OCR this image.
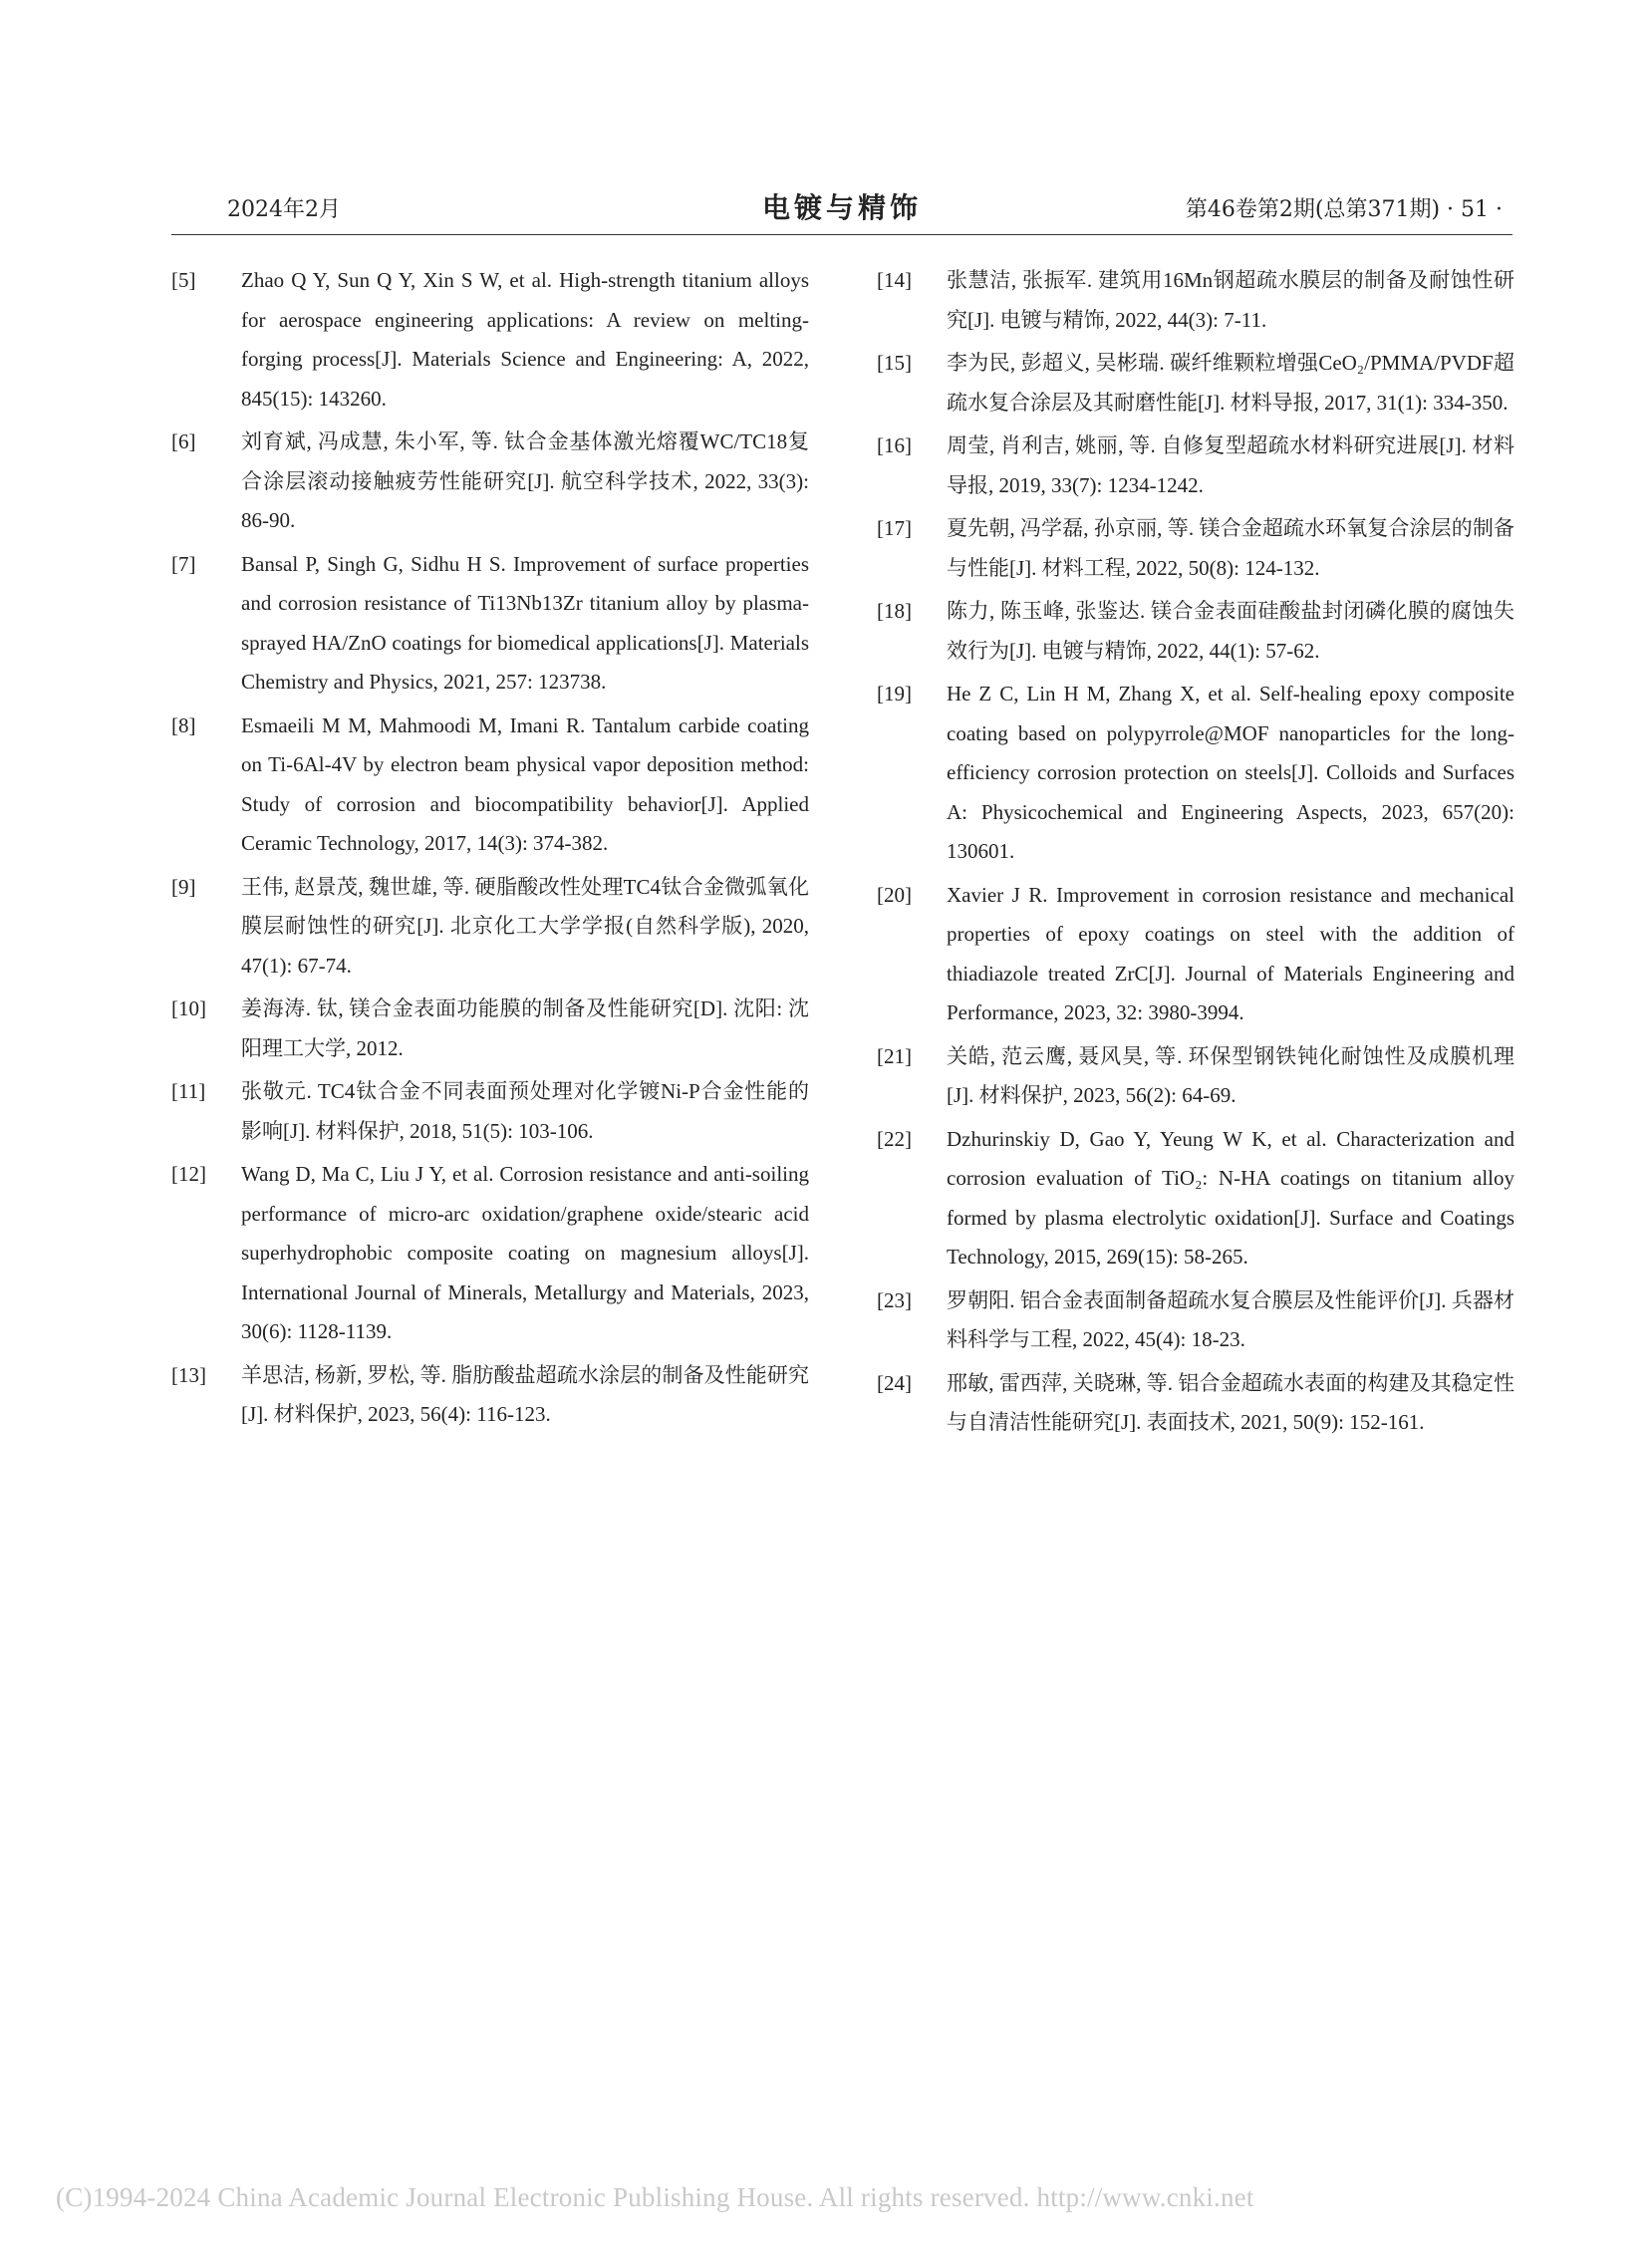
2024年2月	电镀与精饰	第46卷第2期(总第371期) · 51 ·
[5]	Zhao Q Y, Sun Q Y, Xin S W, et al. High-strength titanium alloys for aerospace engineering applications: A review on melting-forging process[J]. Materials Science and Engineering: A, 2022, 845(15): 143260.
[6]	刘育斌, 冯成慧, 朱小军, 等. 钛合金基体激光熔覆WC/TC18复合涂层滚动接触疲劳性能研究[J]. 航空科学技术, 2022, 33(3): 86-90.
[7]	Bansal P, Singh G, Sidhu H S. Improvement of surface properties and corrosion resistance of Ti13Nb13Zr titanium alloy by plasma-sprayed HA/ZnO coatings for biomedical applications[J]. Materials Chemistry and Physics, 2021, 257: 123738.
[8]	Esmaeili M M, Mahmoodi M, Imani R. Tantalum carbide coating on Ti-6Al-4V by electron beam physical vapor deposition method: Study of corrosion and biocompatibility behavior[J]. Applied Ceramic Technology, 2017, 14(3): 374-382.
[9]	王伟, 赵景茂, 魏世雄, 等. 硬脂酸改性处理TC4钛合金微弧氧化膜层耐蚀性的研究[J]. 北京化工大学学报(自然科学版), 2020, 47(1): 67-74.
[10]	姜海涛. 钛, 镁合金表面功能膜的制备及性能研究[D]. 沈阳: 沈阳理工大学, 2012.
[11]	张敬元. TC4钛合金不同表面预处理对化学镀Ni-P合金性能的影响[J]. 材料保护, 2018, 51(5): 103-106.
[12]	Wang D, Ma C, Liu J Y, et al. Corrosion resistance and anti-soiling performance of micro-arc oxidation/graphene oxide/stearic acid superhydrophobic composite coating on magnesium alloys[J]. International Journal of Minerals, Metallurgy and Materials, 2023, 30(6): 1128-1139.
[13]	羊思洁, 杨新, 罗松, 等. 脂肪酸盐超疏水涂层的制备及性能研究[J]. 材料保护, 2023, 56(4): 116-123.
[14]	张慧洁, 张振军. 建筑用16Mn钢超疏水膜层的制备及耐蚀性研究[J]. 电镀与精饰, 2022, 44(3): 7-11.
[15]	李为民, 彭超义, 吴彬瑞. 碳纤维颗粒增强CeO₂/PMMA/PVDF超疏水复合涂层及其耐磨性能[J]. 材料导报, 2017, 31(1): 334-350.
[16]	周莹, 肖利吉, 姚丽, 等. 自修复型超疏水材料研究进展[J]. 材料导报, 2019, 33(7): 1234-1242.
[17]	夏先朝, 冯学磊, 孙京丽, 等. 镁合金超疏水环氧复合涂层的制备与性能[J]. 材料工程, 2022, 50(8): 124-132.
[18]	陈力, 陈玉峰, 张鉴达. 镁合金表面硅酸盐封闭磷化膜的腐蚀失效行为[J]. 电镀与精饰, 2022, 44(1): 57-62.
[19]	He Z C, Lin H M, Zhang X, et al. Self-healing epoxy composite coating based on polypyrrole@MOF nanoparticles for the long-efficiency corrosion protection on steels[J]. Colloids and Surfaces A: Physicochemical and Engineering Aspects, 2023, 657(20): 130601.
[20]	Xavier J R. Improvement in corrosion resistance and mechanical properties of epoxy coatings on steel with the addition of thiadiazole treated ZrC[J]. Journal of Materials Engineering and Performance, 2023, 32: 3980-3994.
[21]	关皓, 范云鹰, 聂风昊, 等. 环保型钢铁钝化耐蚀性及成膜机理[J]. 材料保护, 2023, 56(2): 64-69.
[22]	Dzhurinskiy D, Gao Y, Yeung W K, et al. Characterization and corrosion evaluation of TiO₂: N-HA coatings on titanium alloy formed by plasma electrolytic oxidation[J]. Surface and Coatings Technology, 2015, 269(15): 58-265.
[23]	罗朝阳. 铝合金表面制备超疏水复合膜层及性能评价[J]. 兵器材料科学与工程, 2022, 45(4): 18-23.
[24]	邢敏, 雷西萍, 关晓琳, 等. 铝合金超疏水表面的构建及其稳定性与自清洁性能研究[J]. 表面技术, 2021, 50(9): 152-161.
(C)1994-2024 China Academic Journal Electronic Publishing House. All rights reserved. http://www.cnki.net
